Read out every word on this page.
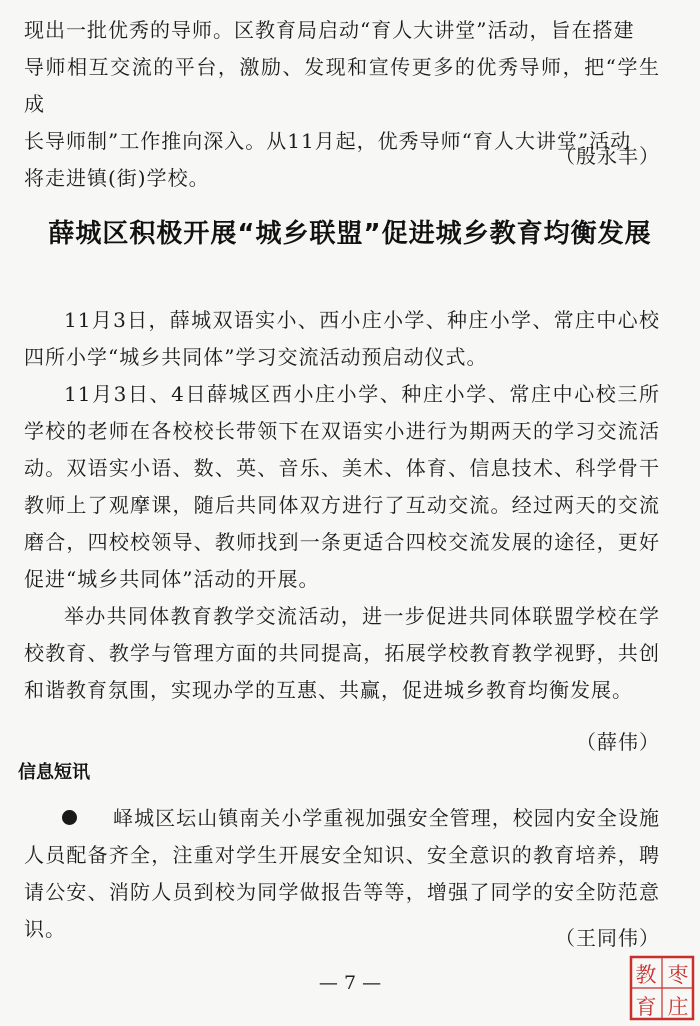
现出一批优秀的导师。区教育局启动“育人大讲堂”活动，旨在搭建

导师相互交流的平台，激励、发现和宣传更多的优秀导师，把“学生成

长导师制”工作推向深入。从11月起，优秀导师“育人大讲堂”活动

将走进镇(街)学校。

（殷永丰）

薛城区积极开展“城乡联盟”促进城乡教育均衡发展

11月3日，薛城双语实小、西小庄小学、种庄小学、常庄中心校四所小学“城乡共同体”学习交流活动预启动仪式。

11月3日、4日薛城区西小庄小学、种庄小学、常庄中心校三所学校的老师在各校校长带领下在双语实小进行为期两天的学习交流活动。双语实小语、数、英、音乐、美术、体育、信息技术、科学骨干教师上了观摩课，随后共同体双方进行了互动交流。经过两天的交流磨合，四校校领导、教师找到一条更适合四校交流发展的途径，更好促进“城乡共同体”活动的开展。

举办共同体教育教学交流活动，进一步促进共同体联盟学校在学校教育、教学与管理方面的共同提高，拓展学校教育教学视野，共创和谐教育氛围，实现办学的互惠、共赢，促进城乡教育均衡发展。

（薛伟）

信息短讯

峄城区坛山镇南关小学重视加强安全管理，校园内安全设施人员配备齐全，注重对学生开展安全知识、安全意识的教育培养，聘请公安、消防人员到校为同学做报告等等，增强了同学的安全防范意识。	（王同伟）

— 7 —	教 枣
育 庄
